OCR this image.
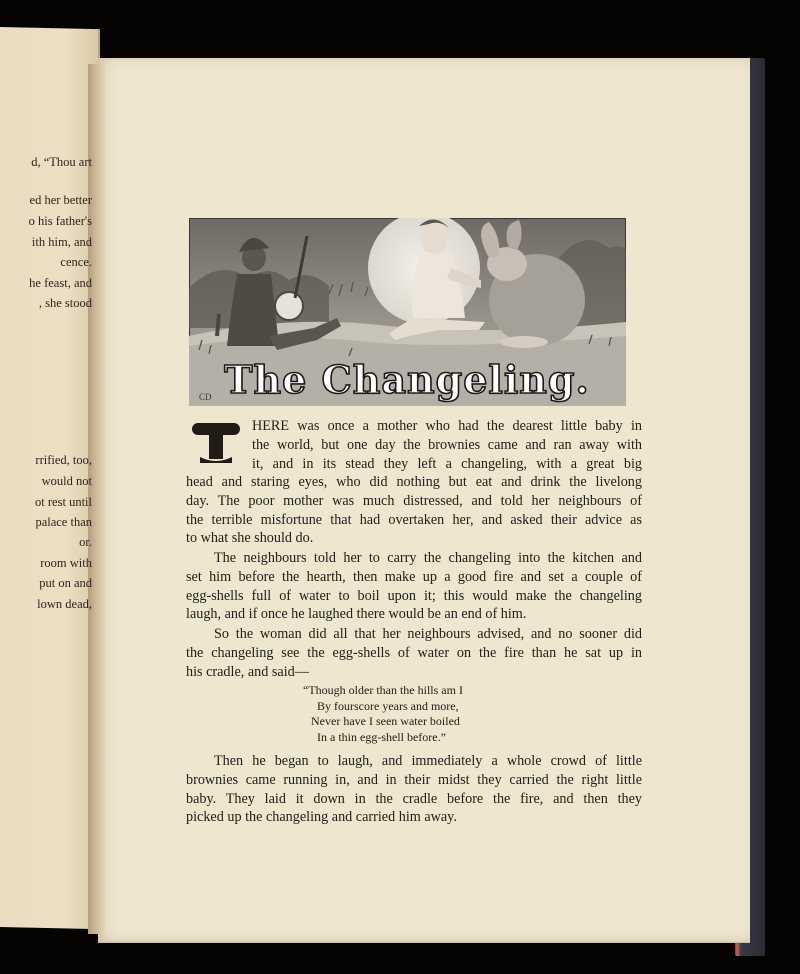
d, “Thou art
ed her better
o his father's
ith him, and
cence.
he feast, and
, she stood
rrified, too,
would not
ot rest until
palace than
or.
room with
put on and
lown dead,
The Changeling.
CD
T
HERE was once a mother who had the dearest little baby in
the world, but one day the brownies came and ran away with
it, and in its stead they left a changeling, with a great big
head and staring eyes, who did nothing but eat and drink the livelong
day. The poor mother was much distressed, and told her neighbours of
the terrible misfortune that had overtaken her, and asked their advice as
to what she should do.
The neighbours told her to carry the changeling into the kitchen and
set him before the hearth, then make up a good fire and set a couple of
egg-shells full of water to boil upon it; this would make the changeling
laugh, and if once he laughed there would be an end of him.
So the woman did all that her neighbours advised, and no sooner did
the changeling see the egg-shells of water on the fire than he sat up in
his cradle, and said—
“Though older than the hills am I
By fourscore years and more,
Never have I seen water boiled
In a thin egg-shell before.”
Then he began to laugh, and immediately a whole crowd of little
brownies came running in, and in their midst they carried the right little
baby. They laid it down in the cradle before the fire, and then they
picked up the changeling and carried him away.
